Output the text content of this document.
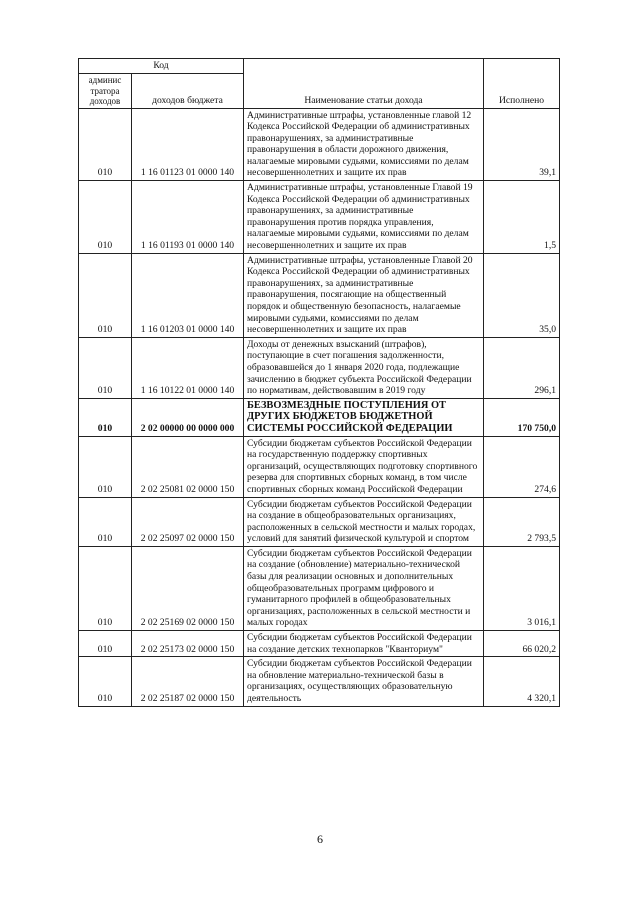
Код		Наименование статьи дохода	Исполнено
админис тратора доходов	доходов бюджета		
010	1 16 01123 01 0000 140	Административные штрафы, установленные главой 12 Кодекса Российской Федерации об административных правонарушениях, за административные правонарушения в области дорожного движения, налагаемые мировыми судьями, комиссиями по делам несовершеннолетних и защите их прав	39,1
010	1 16 01193 01 0000 140	Административные штрафы, установленные Главой 19 Кодекса Российской Федерации об административных правонарушениях, за административные правонарушения против порядка управления, налагаемые мировыми судьями, комиссиями по делам несовершеннолетних и защите их прав	1,5
010	1 16 01203 01 0000 140	Административные штрафы, установленные Главой 20 Кодекса Российской Федерации об административных правонарушениях, за административные правонарушения, посягающие на общественный порядок и общественную безопасность, налагаемые мировыми судьями, комиссиями по делам несовершеннолетних и защите их прав	35,0
010	1 16 10122 01 0000 140	Доходы от денежных взысканий (штрафов), поступающие в счет погашения задолженности, образовавшейся до 1 января 2020 года, подлежащие зачислению в бюджет субъекта Российской Федерации по нормативам, действовавшим в 2019 году	296,1
010	2 02 00000 00 0000 000	БЕЗВОЗМЕЗДНЫЕ ПОСТУПЛЕНИЯ ОТ ДРУГИХ БЮДЖЕТОВ БЮДЖЕТНОЙ СИСТЕМЫ РОССИЙСКОЙ ФЕДЕРАЦИИ	170 750,0
010	2 02 25081 02 0000 150	Субсидии бюджетам субъектов Российской Федерации на государственную поддержку спортивных организаций, осуществляющих подготовку спортивного резерва для спортивных сборных команд, в том числе спортивных сборных команд Российской Федерации	274,6
010	2 02 25097 02 0000 150	Субсидии бюджетам субъектов Российской Федерации на создание в общеобразовательных организациях, расположенных в сельской местности и малых городах, условий для занятий физической культурой и спортом	2 793,5
010	2 02 25169 02 0000 150	Субсидии бюджетам субъектов Российской Федерации на создание (обновление) материально-технической базы для реализации основных и дополнительных общеобразовательных программ цифрового и гуманитарного профилей в общеобразовательных организациях, расположенных в сельской местности и малых городах	3 016,1
010	2 02 25173 02 0000 150	Субсидии бюджетам субъектов Российской Федерации на создание детских технопарков "Кванториум"	66 020,2
010	2 02 25187 02 0000 150	Субсидии бюджетам субъектов Российской Федерации на обновление материально-технической базы в организациях, осуществляющих образовательную деятельность	4 320,1
6
